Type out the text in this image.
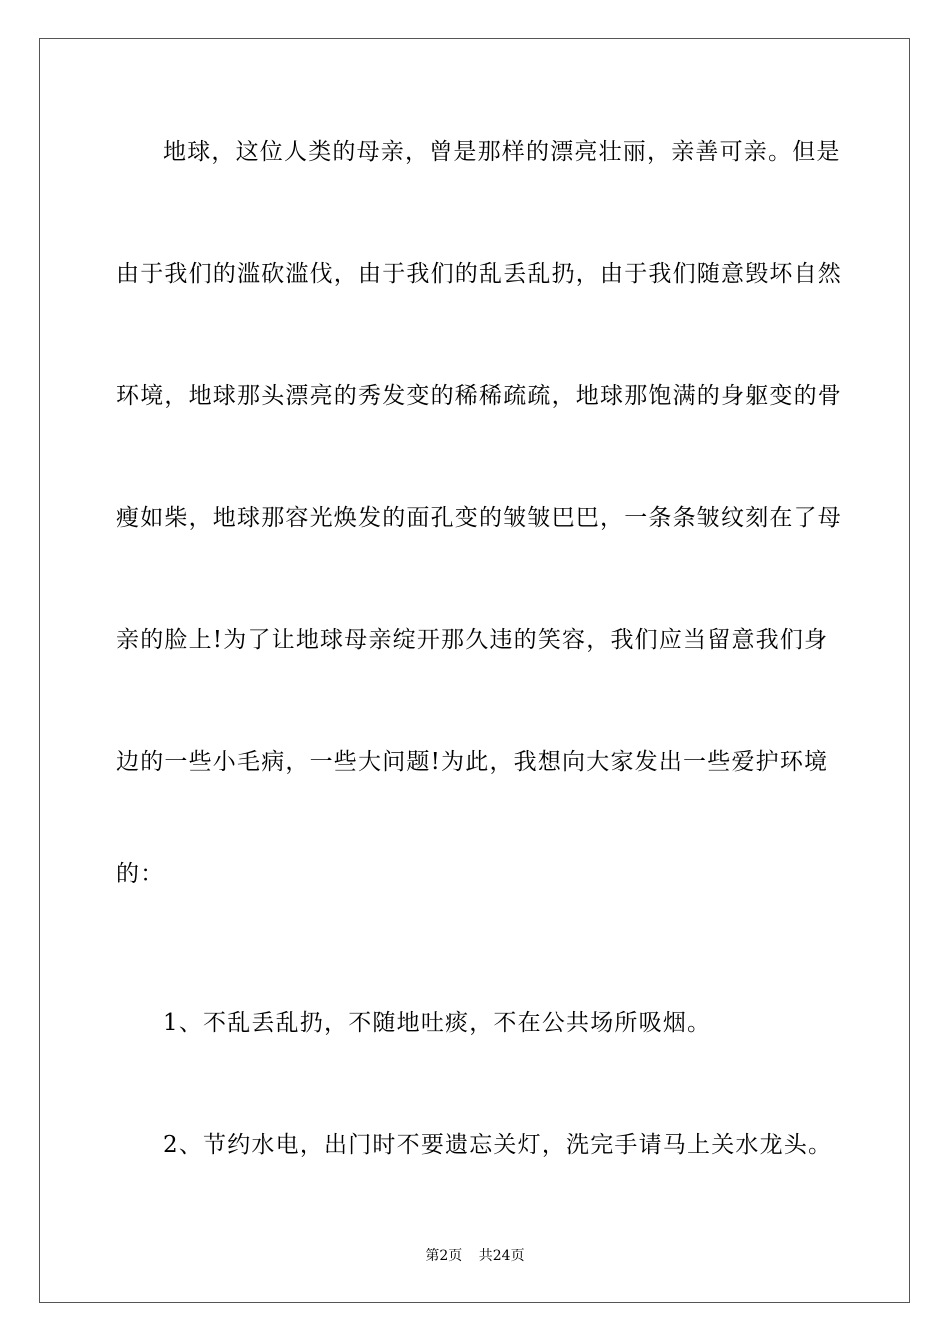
地球，这位人类的母亲，曾是那样的漂亮壮丽，亲善可亲。但是
由于我们的滥砍滥伐，由于我们的乱丢乱扔，由于我们随意毁坏自然
环境，地球那头漂亮的秀发变的稀稀疏疏，地球那饱满的身躯变的骨
瘦如柴，地球那容光焕发的面孔变的皱皱巴巴，一条条皱纹刻在了母
亲的脸上!为了让地球母亲绽开那久违的笑容，我们应当留意我们身
边的一些小毛病，一些大问题!为此，我想向大家发出一些爱护环境
的：
1、不乱丢乱扔，不随地吐痰，不在公共场所吸烟。
2、节约水电，出门时不要遗忘关灯，洗完手请马上关水龙头。
第2页 共24页
